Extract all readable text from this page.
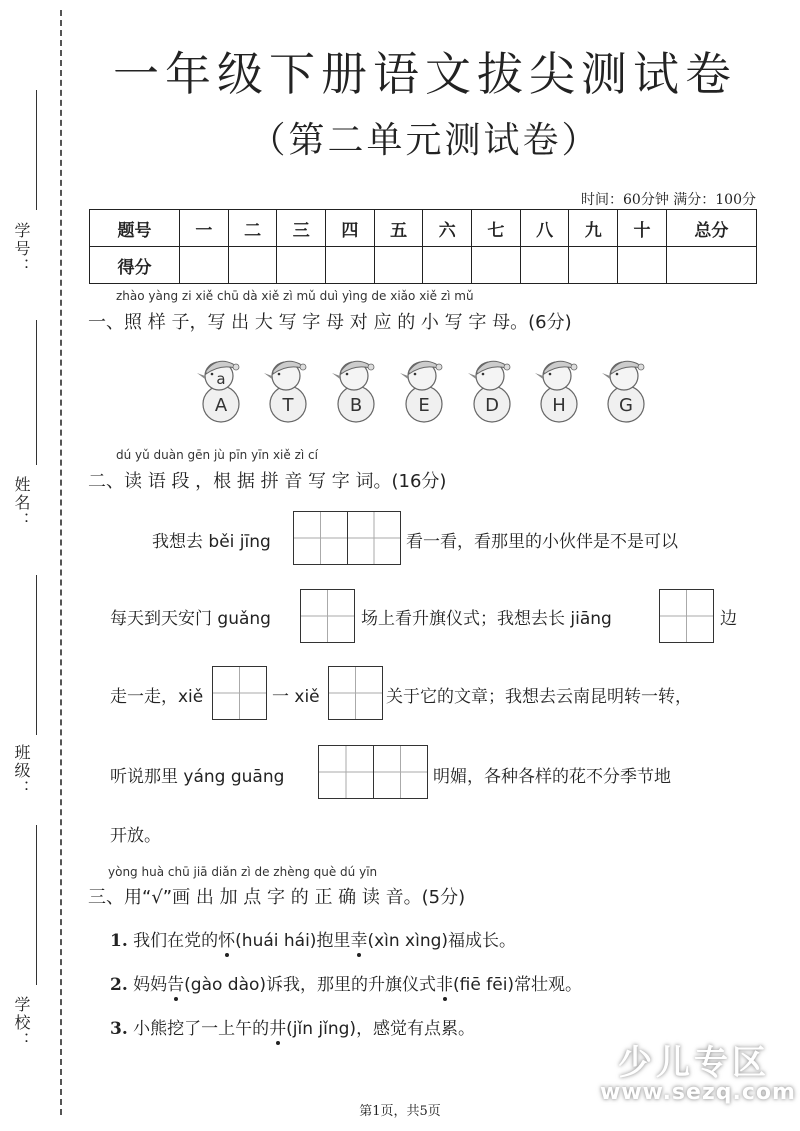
学号：
姓名：
班级：
学校：
一年级下册语文拔尖测试卷
（第二单元测试卷）
时间：60分钟 满分：100分
题号	一	二	三	四	五	六	七	八	九	十	总分
得分											
zhào yàng zi xiě chū dà xiě zì mǔ duì yìng de xiǎo xiě zì mǔ
一、照 样 子，写 出 大 写 字 母 对 应 的 小 写 字 母。(6分)
A
a
T	B	E	D	H	G
dú yǔ duàn gēn jù pīn yīn xiě zì cí
二、读 语 段 ，根 据 拼 音 写 字 词。(16分)
我想去 běi jīng	看一看，看那里的小伙伴是不是可以
每天到天安门 guǎng	场上看升旗仪式；我想去长 jiāng	边
走一走，xiě	一 xiě	关于它的文章；我想去云南昆明转一转，
听说那里 yáng guāng	明媚，各种各样的花不分季节地
开放。
yòng huà chū jiā diǎn zì de zhèng què dú yīn
三、用“√”画 出 加 点 字 的 正 确 读 音。(5分)
1. 我们在党的怀(huái hái)抱里幸(xìn xìng)福成长。
2. 妈妈告(gào dào)诉我，那里的升旗仪式非(fiē fēi)常壮观。
3. 小熊挖了一上午的井(jǐn jǐng)，感觉有点累。
第1页，共5页
少儿专区
www.sezq.com
